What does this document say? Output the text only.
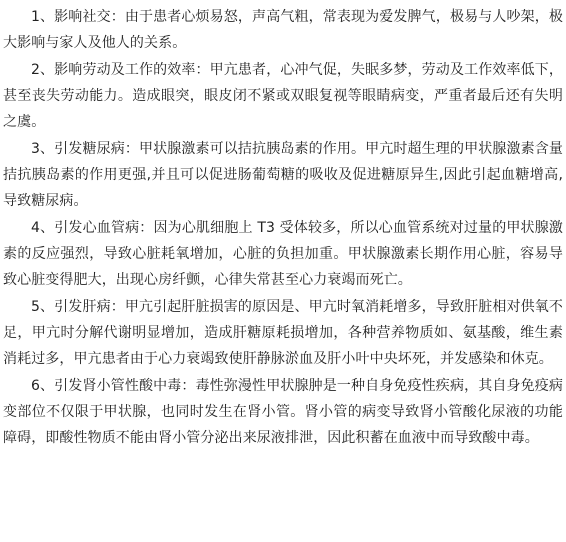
1、影响社交：由于患者心烦易怒，声高气粗，常表现为爱发脾气，极易与人吵架，极大影响与家人及他人的关系。

2、影响劳动及工作的效率：甲亢患者，心冲气促，失眠多梦，劳动及工作效率低下，甚至丧失劳动能力。造成眼突，眼皮闭不紧或双眼复视等眼睛病变，严重者最后还有失明之虞。

3、引发糖尿病：甲状腺激素可以拮抗胰岛素的作用。甲亢时超生理的甲状腺激素含量拮抗胰岛素的作用更强,并且可以促进肠葡萄糖的吸收及促进糖原异生,因此引起血糖增高,导致糖尿病。

4、引发心血管病：因为心肌细胞上 T3 受体较多，所以心血管系统对过量的甲状腺激素的反应强烈，导致心脏耗氧增加，心脏的负担加重。甲状腺激素长期作用心脏，容易导致心脏变得肥大，出现心房纤颤，心律失常甚至心力衰竭而死亡。

5、引发肝病：甲亢引起肝脏损害的原因是、甲亢时氧消耗增多，导致肝脏相对供氧不足，甲亢时分解代谢明显增加，造成肝糖原耗损增加，各种营养物质如、氨基酸，维生素消耗过多，甲亢患者由于心力衰竭致使肝静脉淤血及肝小叶中央坏死，并发感染和休克。

6、引发肾小管性酸中毒：毒性弥漫性甲状腺肿是一种自身免疫性疾病，其自身免疫病变部位不仅限于甲状腺，也同时发生在肾小管。肾小管的病变导致肾小管酸化尿液的功能障碍，即酸性物质不能由肾小管分泌出来尿液排泄，因此积蓄在血液中而导致酸中毒。
